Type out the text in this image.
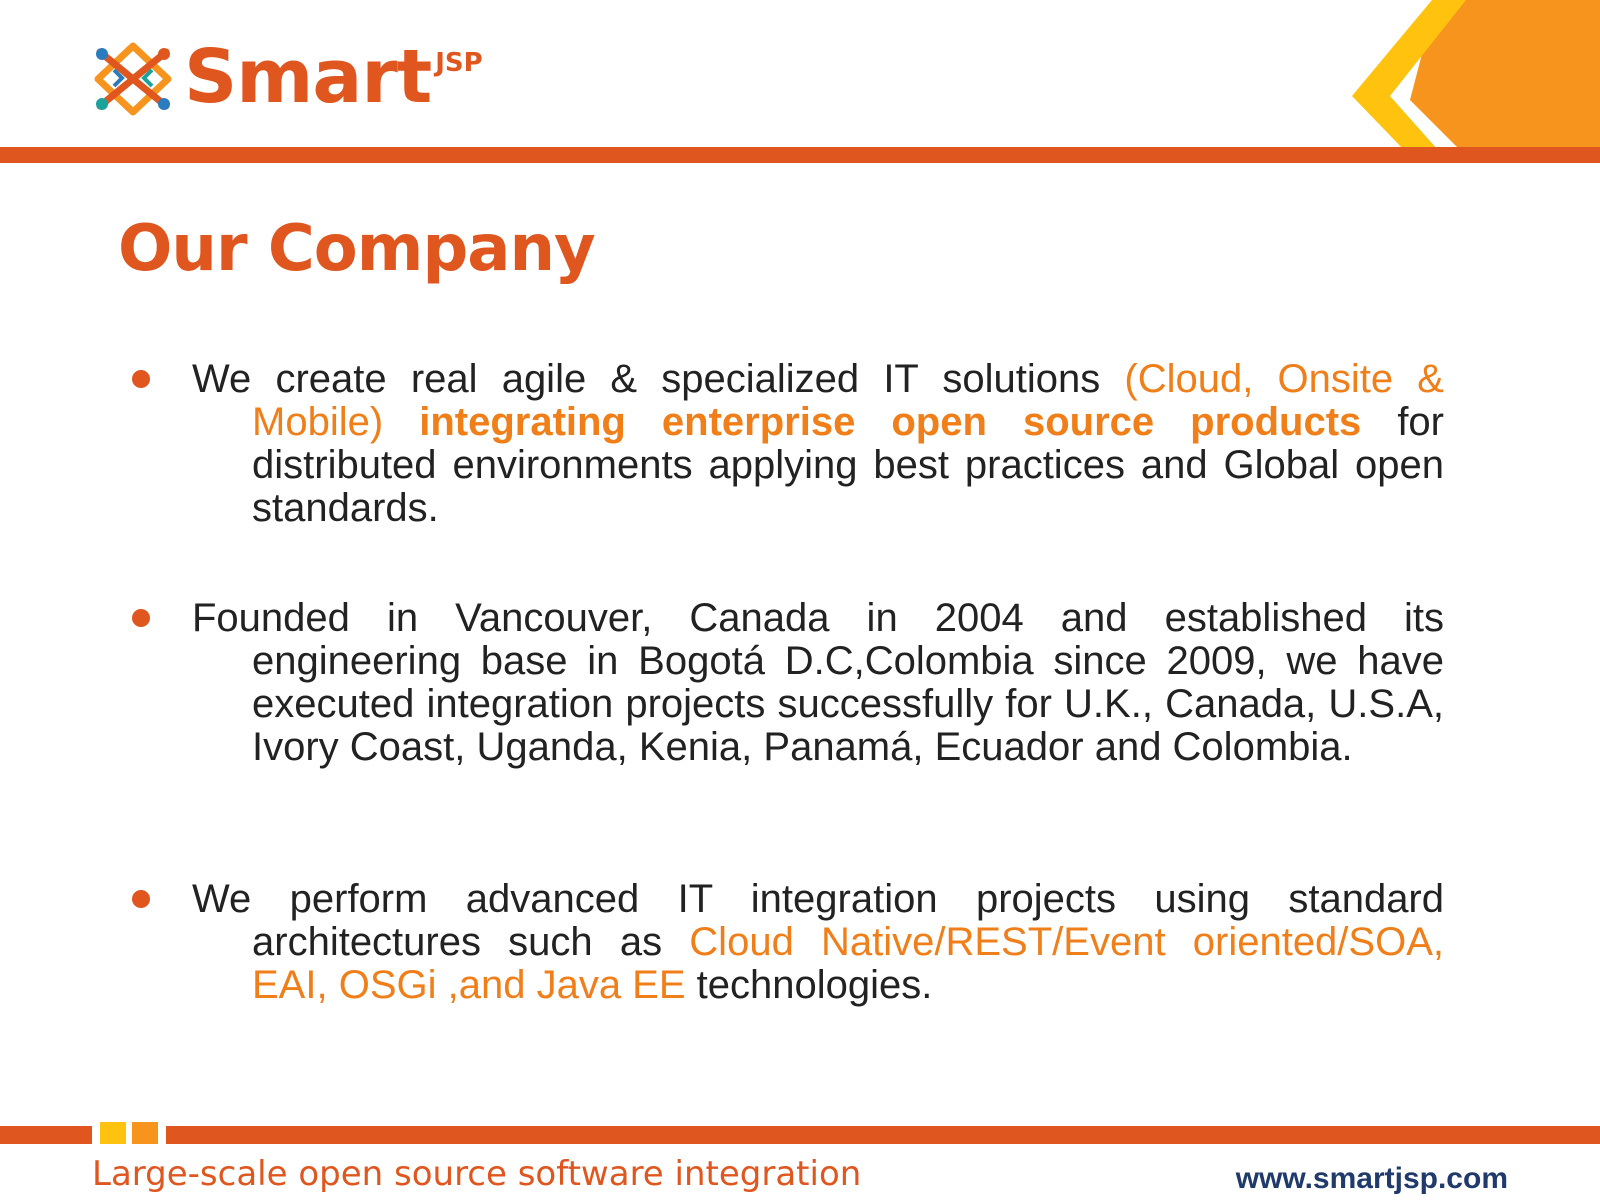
Smart JSP
Our Company
We create real agile & specialized IT solutions (Cloud, Onsite & Mobile) integrating enterprise open source products for distributed environments applying best practices and Global open standards.
Founded in Vancouver, Canada in 2004 and established its engineering base in Bogotá D.C,Colombia since 2009, we have executed integration projects successfully for U.K., Canada, U.S.A, Ivory Coast, Uganda, Kenia, Panamá, Ecuador and Colombia.
We perform advanced IT integration projects using standard architectures such as Cloud Native/REST/Event oriented/SOA, EAI, OSGi ,and Java EE technologies.
Large-scale open source software integration	www.smartjsp.com
